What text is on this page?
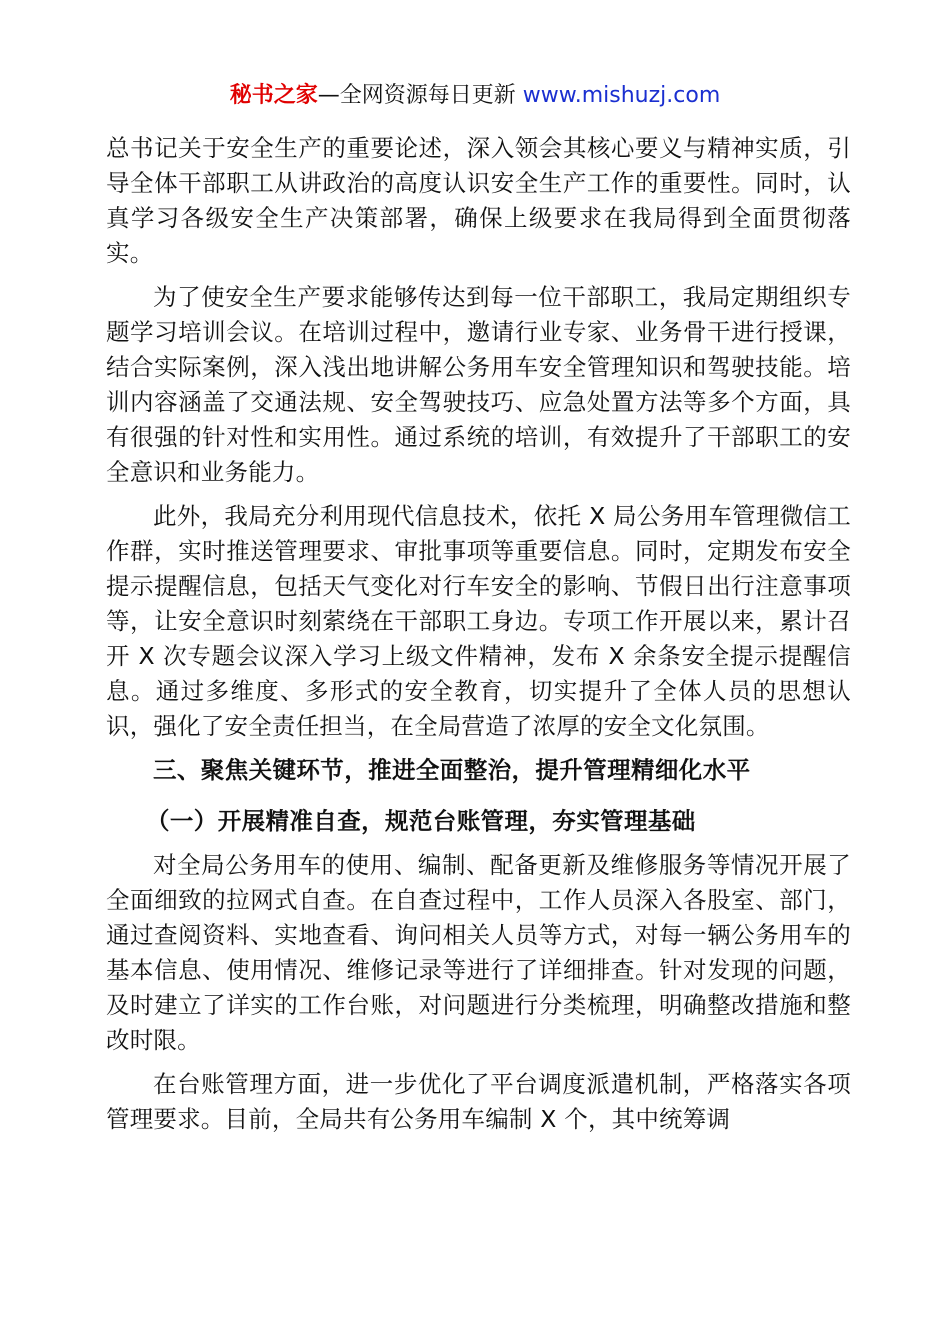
秘书之家—全网资源每日更新 www.mishuzj.com

总书记关于安全生产的重要论述，深入领会其核心要义与精神实质，引导全体干部职工从讲政治的高度认识安全生产工作的重要性。同时，认真学习各级安全生产决策部署，确保上级要求在我局得到全面贯彻落实。

为了使安全生产要求能够传达到每一位干部职工，我局定期组织专题学习培训会议。在培训过程中，邀请行业专家、业务骨干进行授课，结合实际案例，深入浅出地讲解公务用车安全管理知识和驾驶技能。培训内容涵盖了交通法规、安全驾驶技巧、应急处置方法等多个方面，具有很强的针对性和实用性。通过系统的培训，有效提升了干部职工的安全意识和业务能力。

此外，我局充分利用现代信息技术，依托 X 局公务用车管理微信工作群，实时推送管理要求、审批事项等重要信息。同时，定期发布安全提示提醒信息，包括天气变化对行车安全的影响、节假日出行注意事项等，让安全意识时刻萦绕在干部职工身边。专项工作开展以来，累计召开 X 次专题会议深入学习上级文件精神，发布 X 余条安全提示提醒信息。通过多维度、多形式的安全教育，切实提升了全体人员的思想认识，强化了安全责任担当，在全局营造了浓厚的安全文化氛围。

三、聚焦关键环节，推进全面整治，提升管理精细化水平

（一）开展精准自查，规范台账管理，夯实管理基础

对全局公务用车的使用、编制、配备更新及维修服务等情况开展了全面细致的拉网式自查。在自查过程中，工作人员深入各股室、部门，通过查阅资料、实地查看、询问相关人员等方式，对每一辆公务用车的基本信息、使用情况、维修记录等进行了详细排查。针对发现的问题，及时建立了详实的工作台账，对问题进行分类梳理，明确整改措施和整改时限。

在台账管理方面，进一步优化了平台调度派遣机制，严格落实各项管理要求。目前，全局共有公务用车编制 X 个，其中统筹调
